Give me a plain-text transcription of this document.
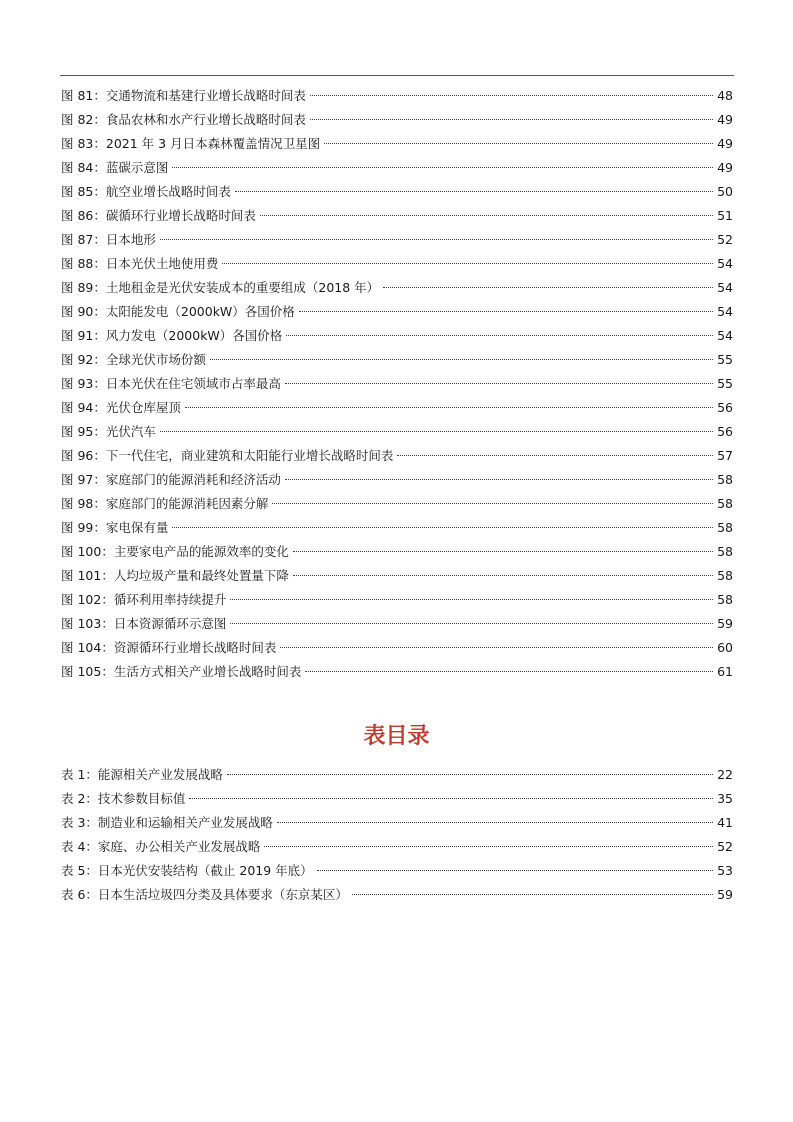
图 81：交通物流和基建行业增长战略时间表	48
图 82：食品农林和水产行业增长战略时间表	49
图 83：2021 年 3 月日本森林覆盖情况卫星图	49
图 84：蓝碳示意图	49
图 85：航空业增长战略时间表	50
图 86：碳循环行业增长战略时间表	51
图 87：日本地形	52
图 88：日本光伏土地使用费	54
图 89：土地租金是光伏安装成本的重要组成（2018 年）	54
图 90：太阳能发电（2000kW）各国价格	54
图 91：风力发电（2000kW）各国价格	54
图 92：全球光伏市场份额	55
图 93：日本光伏在住宅领域市占率最高	55
图 94：光伏仓库屋顶	56
图 95：光伏汽车	56
图 96：下一代住宅，商业建筑和太阳能行业增长战略时间表	57
图 97：家庭部门的能源消耗和经济活动	58
图 98：家庭部门的能源消耗因素分解	58
图 99：家电保有量	58
图 100：主要家电产品的能源效率的变化	58
图 101：人均垃圾产量和最终处置量下降	58
图 102：循环利用率持续提升	58
图 103：日本资源循环示意图	59
图 104：资源循环行业增长战略时间表	60
图 105：生活方式相关产业增长战略时间表	61
表目录
表 1：能源相关产业发展战略	22
表 2：技术参数目标值	35
表 3：制造业和运输相关产业发展战略	41
表 4：家庭、办公相关产业发展战略	52
表 5：日本光伏安装结构（截止 2019 年底）	53
表 6：日本生活垃圾四分类及具体要求（东京某区）	59
